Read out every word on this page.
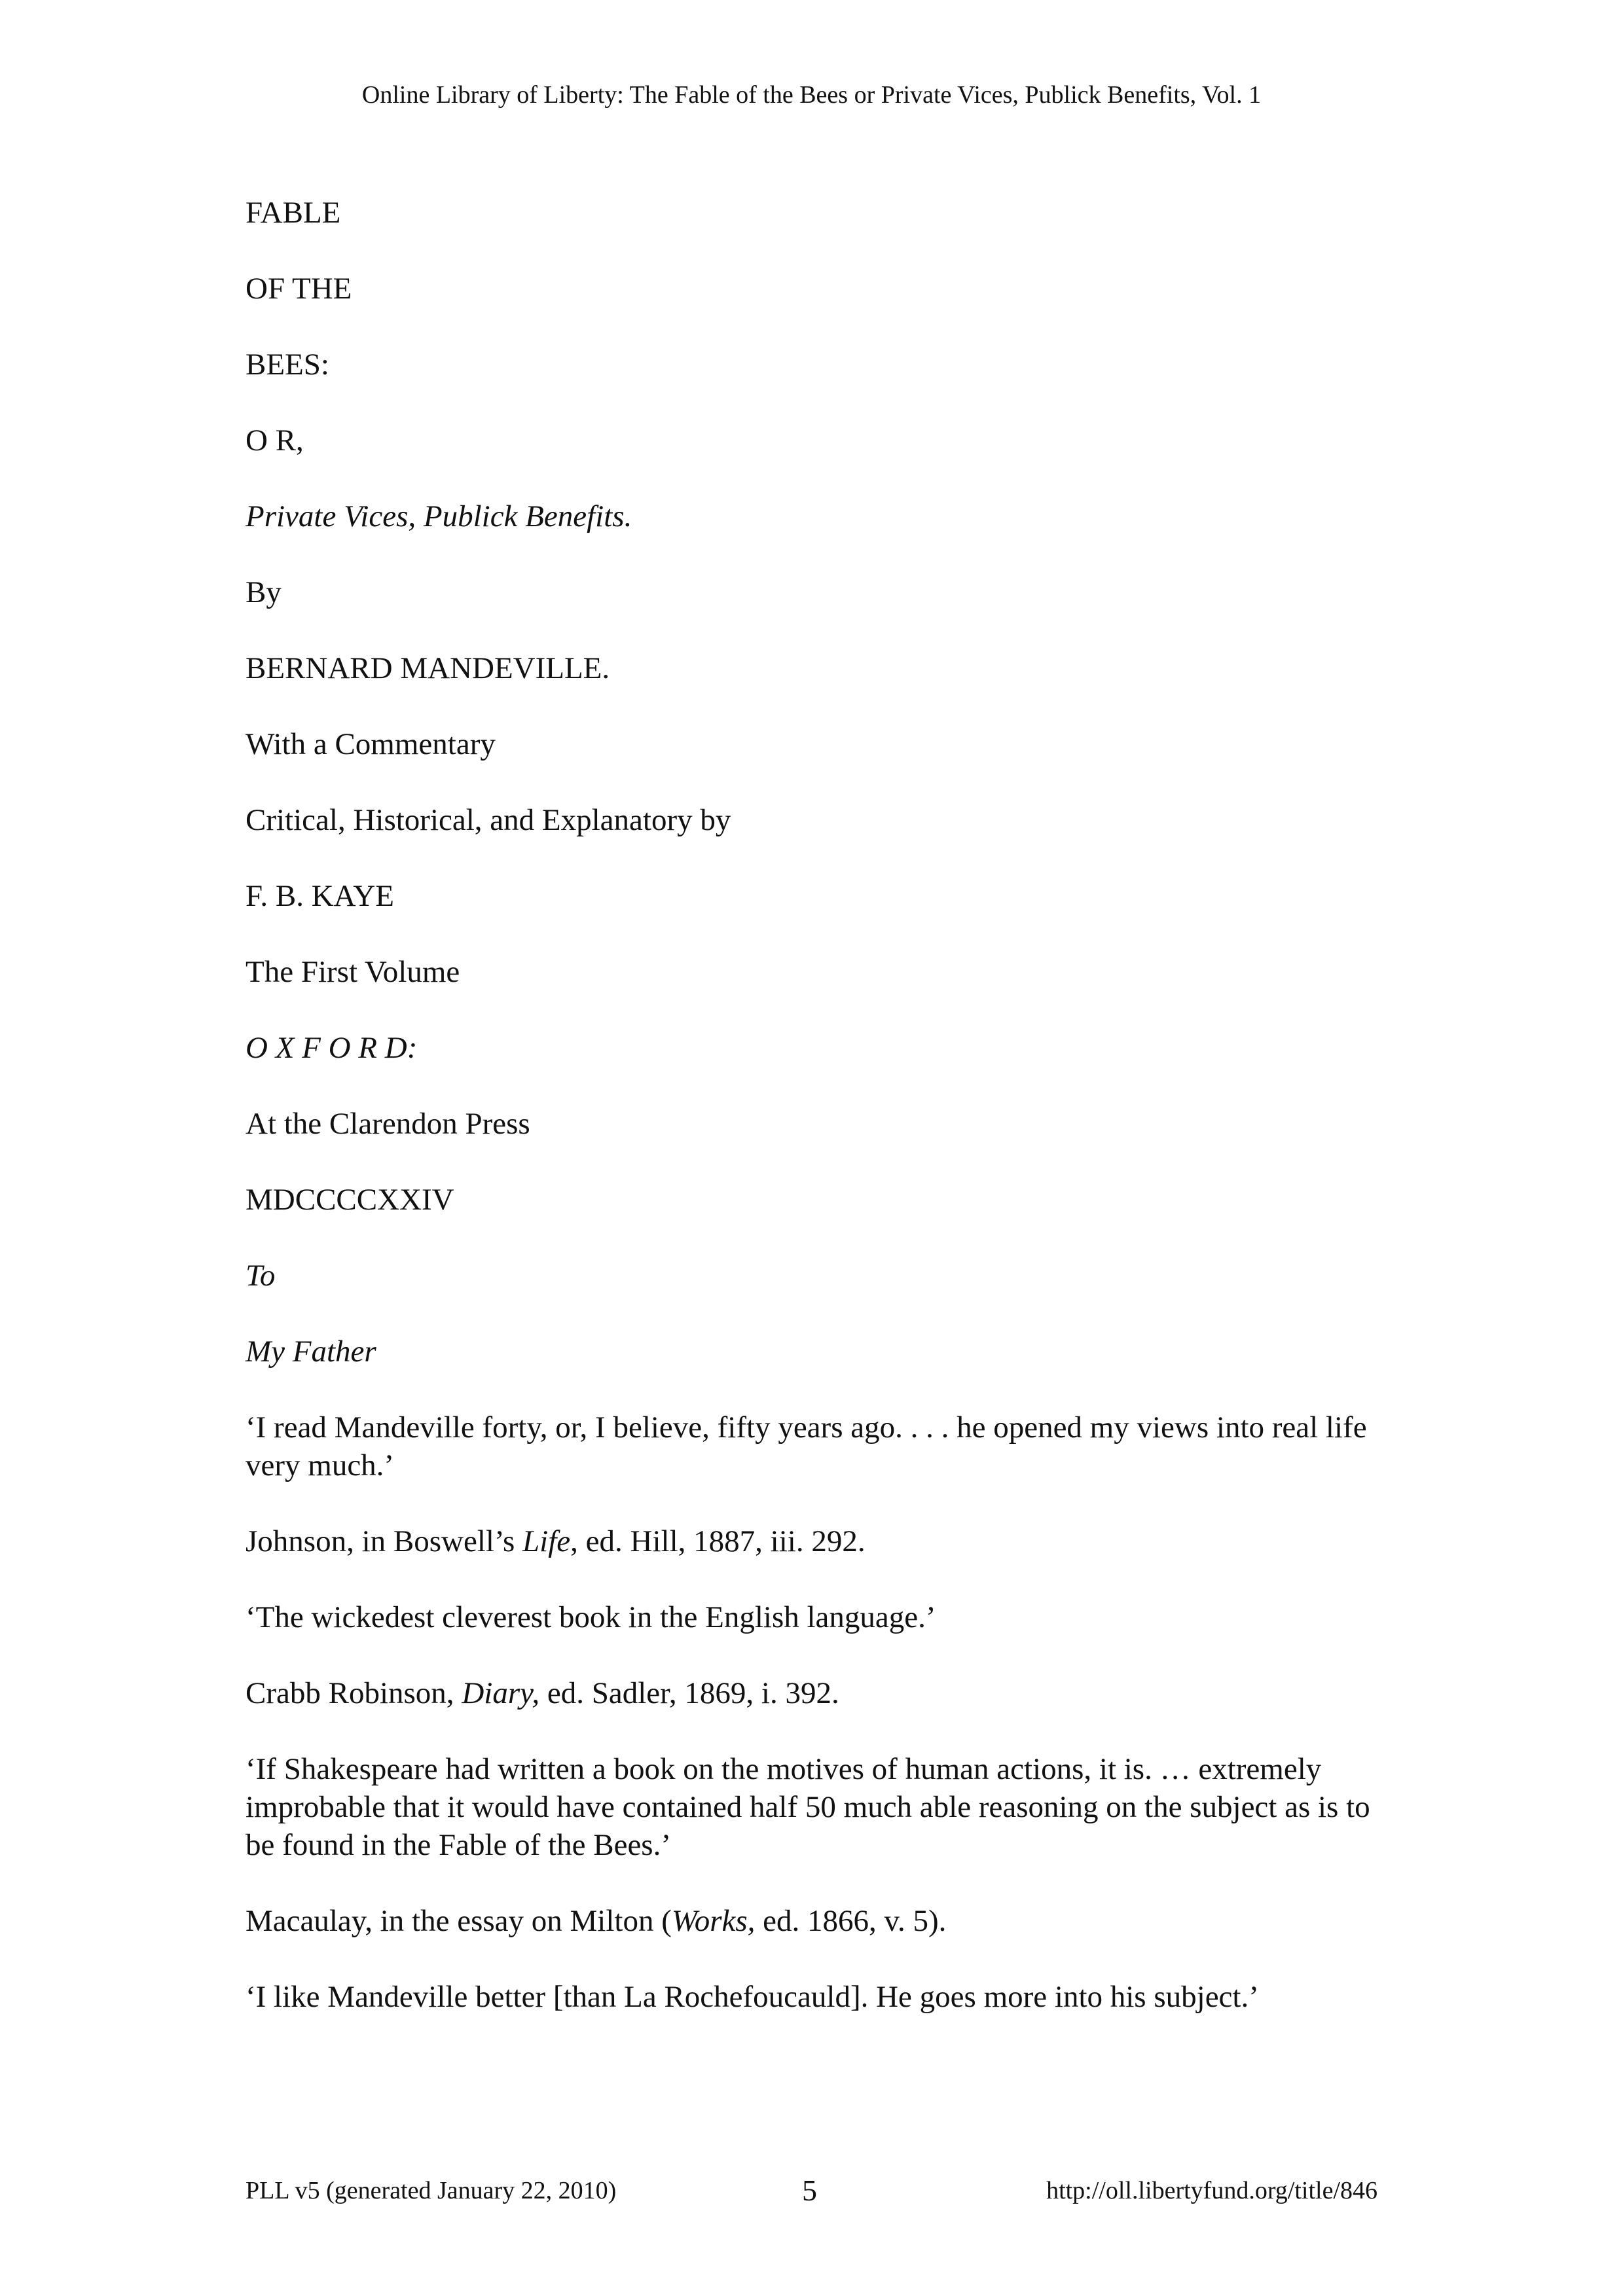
Online Library of Liberty: The Fable of the Bees or Private Vices, Publick Benefits, Vol. 1
FABLE
OF THE
BEES:
O R,
Private Vices, Publick Benefits.
By
BERNARD MANDEVILLE.
With a Commentary
Critical, Historical, and Explanatory by
F. B. KAYE
The First Volume
O X F O R D:
At the Clarendon Press
MDCCCCXXIV
To
My Father
‘I read Mandeville forty, or, I believe, fifty years ago. . . . he opened my views into real life very much.’
Johnson, in Boswell’s Life, ed. Hill, 1887, iii. 292.
‘The wickedest cleverest book in the English language.’
Crabb Robinson, Diary, ed. Sadler, 1869, i. 392.
‘If Shakespeare had written a book on the motives of human actions, it is. … extremely improbable that it would have contained half 50 much able reasoning on the subject as is to be found in the Fable of the Bees.’
Macaulay, in the essay on Milton (Works, ed. 1866, v. 5).
‘I like Mandeville better [than La Rochefoucauld]. He goes more into his subject.’
PLL v5 (generated January 22, 2010)	5	http://oll.libertyfund.org/title/846
